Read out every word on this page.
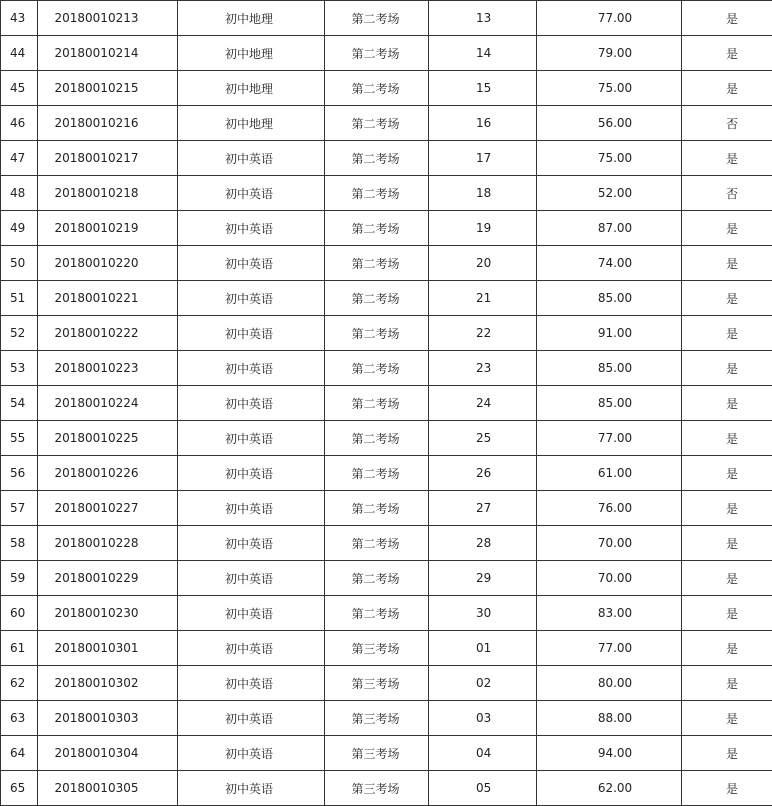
43	20180010213	初中地理	第二考场	13	77.00	是
44	20180010214	初中地理	第二考场	14	79.00	是
45	20180010215	初中地理	第二考场	15	75.00	是
46	20180010216	初中地理	第二考场	16	56.00	否
47	20180010217	初中英语	第二考场	17	75.00	是
48	20180010218	初中英语	第二考场	18	52.00	否
49	20180010219	初中英语	第二考场	19	87.00	是
50	20180010220	初中英语	第二考场	20	74.00	是
51	20180010221	初中英语	第二考场	21	85.00	是
52	20180010222	初中英语	第二考场	22	91.00	是
53	20180010223	初中英语	第二考场	23	85.00	是
54	20180010224	初中英语	第二考场	24	85.00	是
55	20180010225	初中英语	第二考场	25	77.00	是
56	20180010226	初中英语	第二考场	26	61.00	是
57	20180010227	初中英语	第二考场	27	76.00	是
58	20180010228	初中英语	第二考场	28	70.00	是
59	20180010229	初中英语	第二考场	29	70.00	是
60	20180010230	初中英语	第二考场	30	83.00	是
61	20180010301	初中英语	第三考场	01	77.00	是
62	20180010302	初中英语	第三考场	02	80.00	是
63	20180010303	初中英语	第三考场	03	88.00	是
64	20180010304	初中英语	第三考场	04	94.00	是
65	20180010305	初中英语	第三考场	05	62.00	是
